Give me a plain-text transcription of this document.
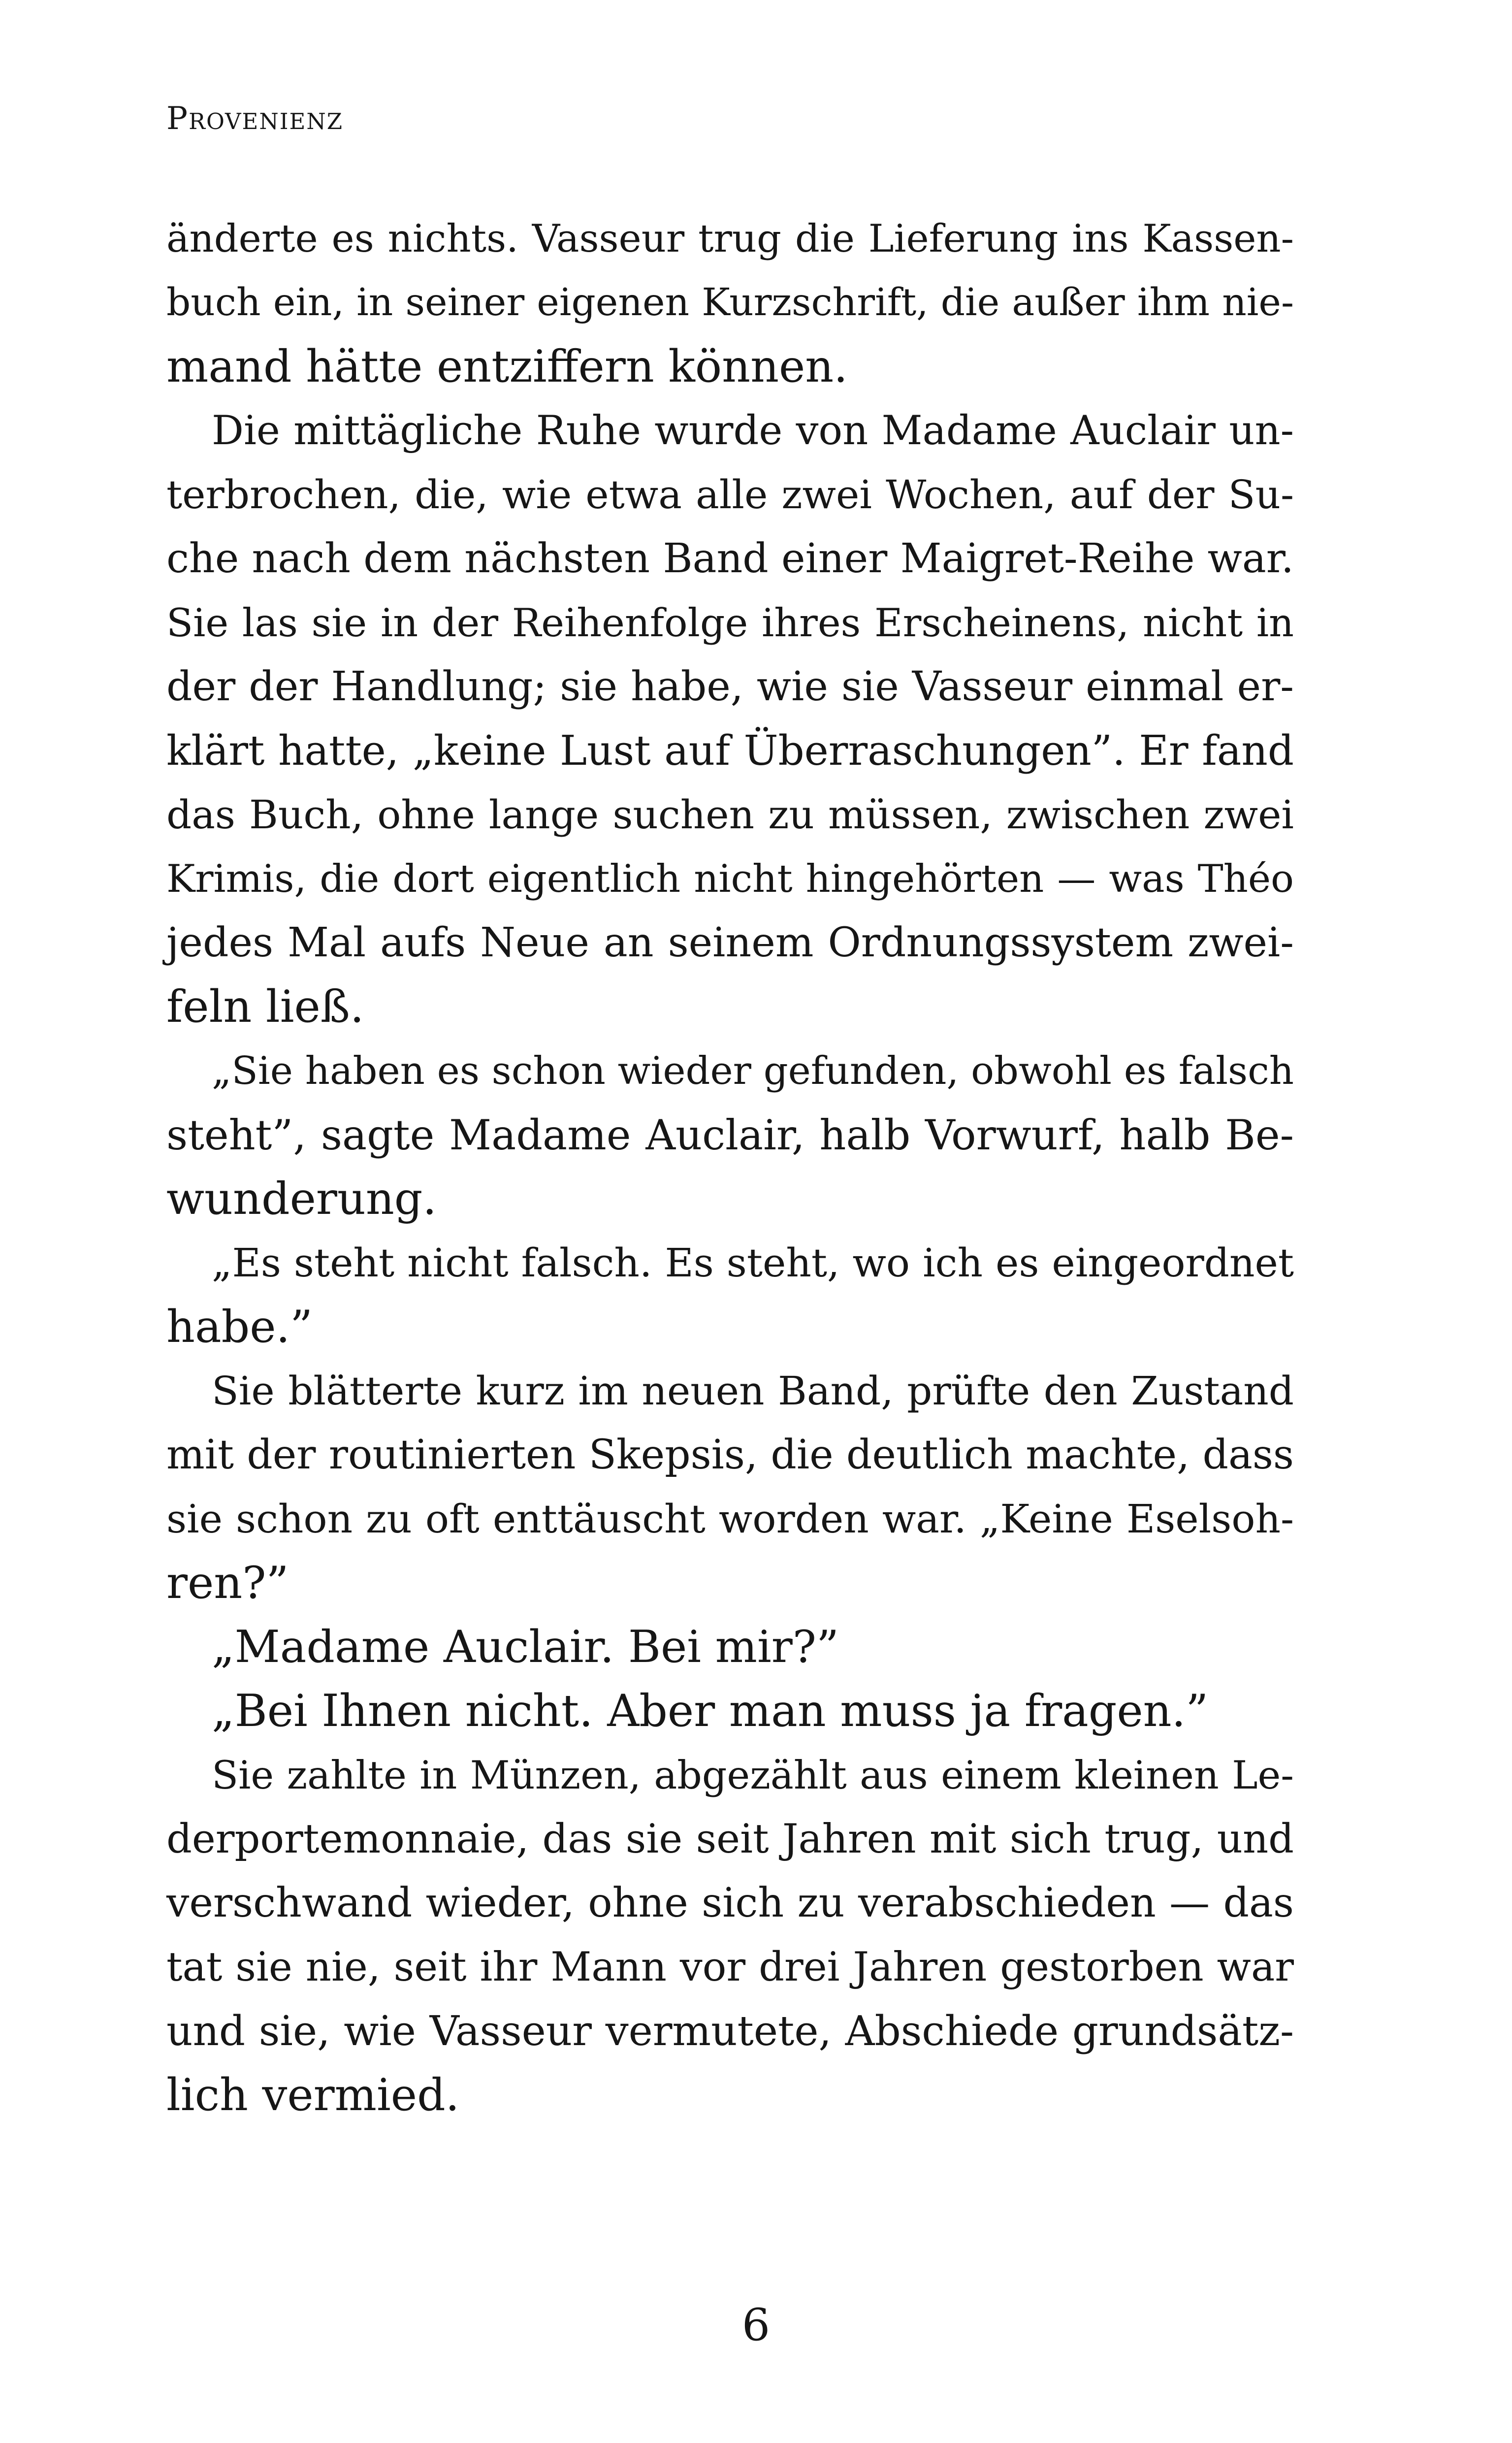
Provenienz
änderte es nichts. Vasseur trug die Lieferung ins Kassen-
buch ein, in seiner eigenen Kurzschrift, die außer ihm nie-
mand hätte entziffern können.
Die mittägliche Ruhe wurde von Madame Auclair un-
terbrochen, die, wie etwa alle zwei Wochen, auf der Su-
che nach dem nächsten Band einer Maigret-Reihe war.
Sie las sie in der Reihenfolge ihres Erscheinens, nicht in
der der Handlung; sie habe, wie sie Vasseur einmal er-
klärt hatte, „keine Lust auf Überraschungen”. Er fand
das Buch, ohne lange suchen zu müssen, zwischen zwei
Krimis, die dort eigentlich nicht hingehörten — was Théo
jedes Mal aufs Neue an seinem Ordnungssystem zwei-
feln ließ.
„Sie haben es schon wieder gefunden, obwohl es falsch
steht”, sagte Madame Auclair, halb Vorwurf, halb Be-
wunderung.
„Es steht nicht falsch. Es steht, wo ich es eingeordnet
habe.”
Sie blätterte kurz im neuen Band, prüfte den Zustand
mit der routinierten Skepsis, die deutlich machte, dass
sie schon zu oft enttäuscht worden war. „Keine Eselsoh-
ren?”
„Madame Auclair. Bei mir?”
„Bei Ihnen nicht. Aber man muss ja fragen.”
Sie zahlte in Münzen, abgezählt aus einem kleinen Le-
derportemonnaie, das sie seit Jahren mit sich trug, und
verschwand wieder, ohne sich zu verabschieden — das
tat sie nie, seit ihr Mann vor drei Jahren gestorben war
und sie, wie Vasseur vermutete, Abschiede grundsätz-
lich vermied.
6
